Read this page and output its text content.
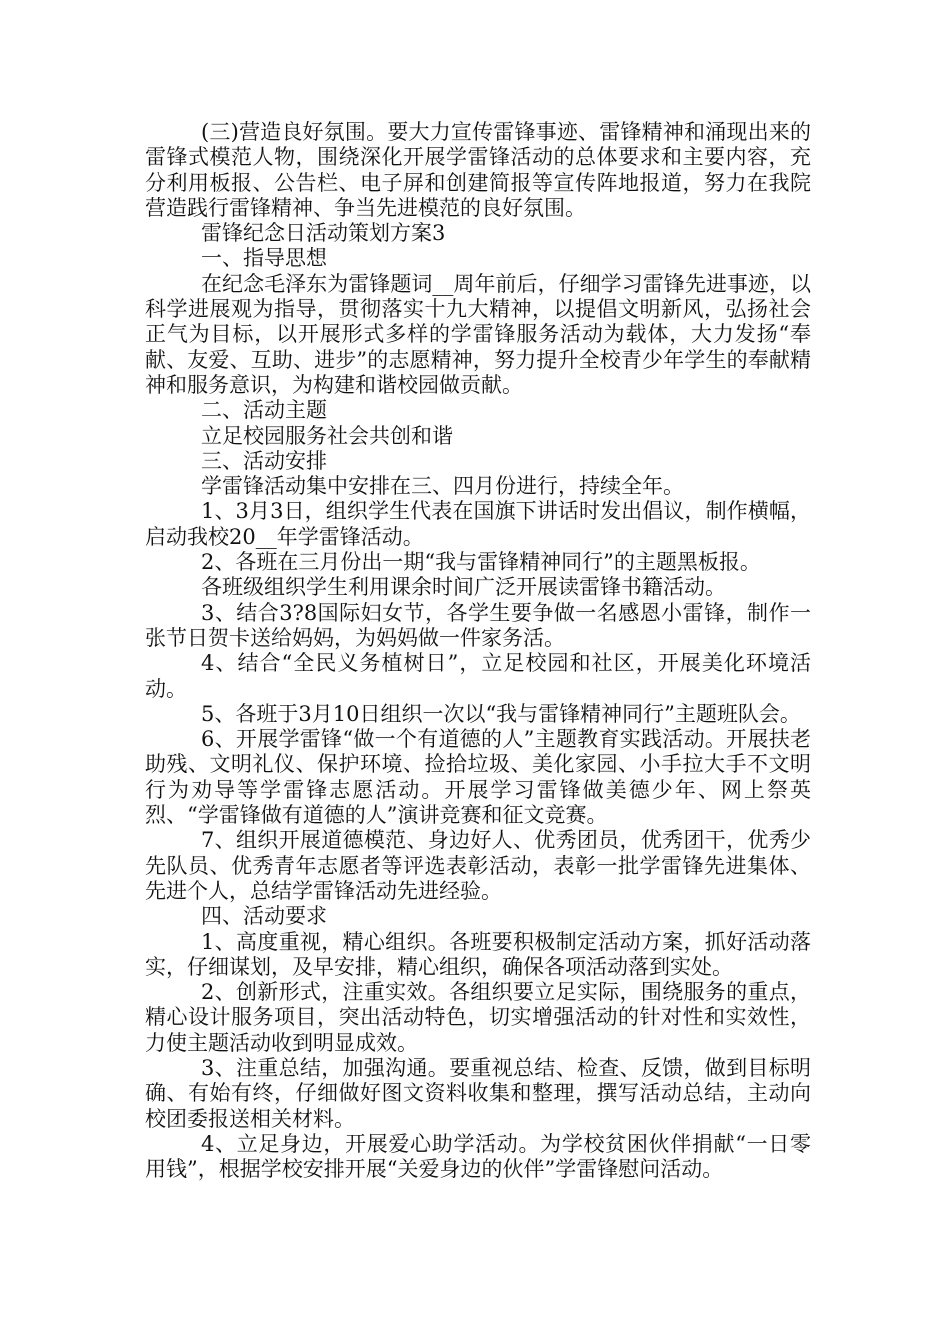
(三)营造良好氛围。要大力宣传雷锋事迹、雷锋精神和涌现出来的雷锋式模范人物，围绕深化开展学雷锋活动的总体要求和主要内容，充分利用板报、公告栏、电子屏和创建简报等宣传阵地报道，努力在我院营造践行雷锋精神、争当先进模范的良好氛围。

雷锋纪念日活动策划方案3

一、指导思想

在纪念毛泽东为雷锋题词__周年前后，仔细学习雷锋先进事迹，以科学进展观为指导，贯彻落实十九大精神，以提倡文明新风，弘扬社会正气为目标，以开展形式多样的学雷锋服务活动为载体，大力发扬“奉献、友爱、互助、进步”的志愿精神，努力提升全校青少年学生的奉献精神和服务意识，为构建和谐校园做贡献。

二、活动主题

立足校园服务社会共创和谐

三、活动安排

学雷锋活动集中安排在三、四月份进行，持续全年。

1、3月3日，组织学生代表在国旗下讲话时发出倡议，制作横幅，启动我校20__年学雷锋活动。

2、各班在三月份出一期“我与雷锋精神同行”的主题黑板报。

各班级组织学生利用课余时间广泛开展读雷锋书籍活动。

3、结合3?8国际妇女节，各学生要争做一名感恩小雷锋，制作一张节日贺卡送给妈妈，为妈妈做一件家务活。

4、结合“全民义务植树日”，立足校园和社区，开展美化环境活动。

5、各班于3月10日组织一次以“我与雷锋精神同行”主题班队会。

6、开展学雷锋“做一个有道德的人”主题教育实践活动。开展扶老助残、文明礼仪、保护环境、捡拾垃圾、美化家园、小手拉大手不文明行为劝导等学雷锋志愿活动。开展学习雷锋做美德少年、网上祭英烈、“学雷锋做有道德的人”演讲竞赛和征文竞赛。

7、组织开展道德模范、身边好人、优秀团员，优秀团干，优秀少先队员、优秀青年志愿者等评选表彰活动，表彰一批学雷锋先进集体、先进个人，总结学雷锋活动先进经验。

四、活动要求

1、高度重视，精心组织。各班要积极制定活动方案，抓好活动落实，仔细谋划，及早安排，精心组织，确保各项活动落到实处。

2、创新形式，注重实效。各组织要立足实际，围绕服务的重点，精心设计服务项目，突出活动特色，切实增强活动的针对性和实效性，力使主题活动收到明显成效。

3、注重总结，加强沟通。要重视总结、检查、反馈，做到目标明确、有始有终，仔细做好图文资料收集和整理，撰写活动总结，主动向校团委报送相关材料。

4、立足身边，开展爱心助学活动。为学校贫困伙伴捐献“一日零用钱”，根据学校安排开展“关爱身边的伙伴”学雷锋慰问活动。
